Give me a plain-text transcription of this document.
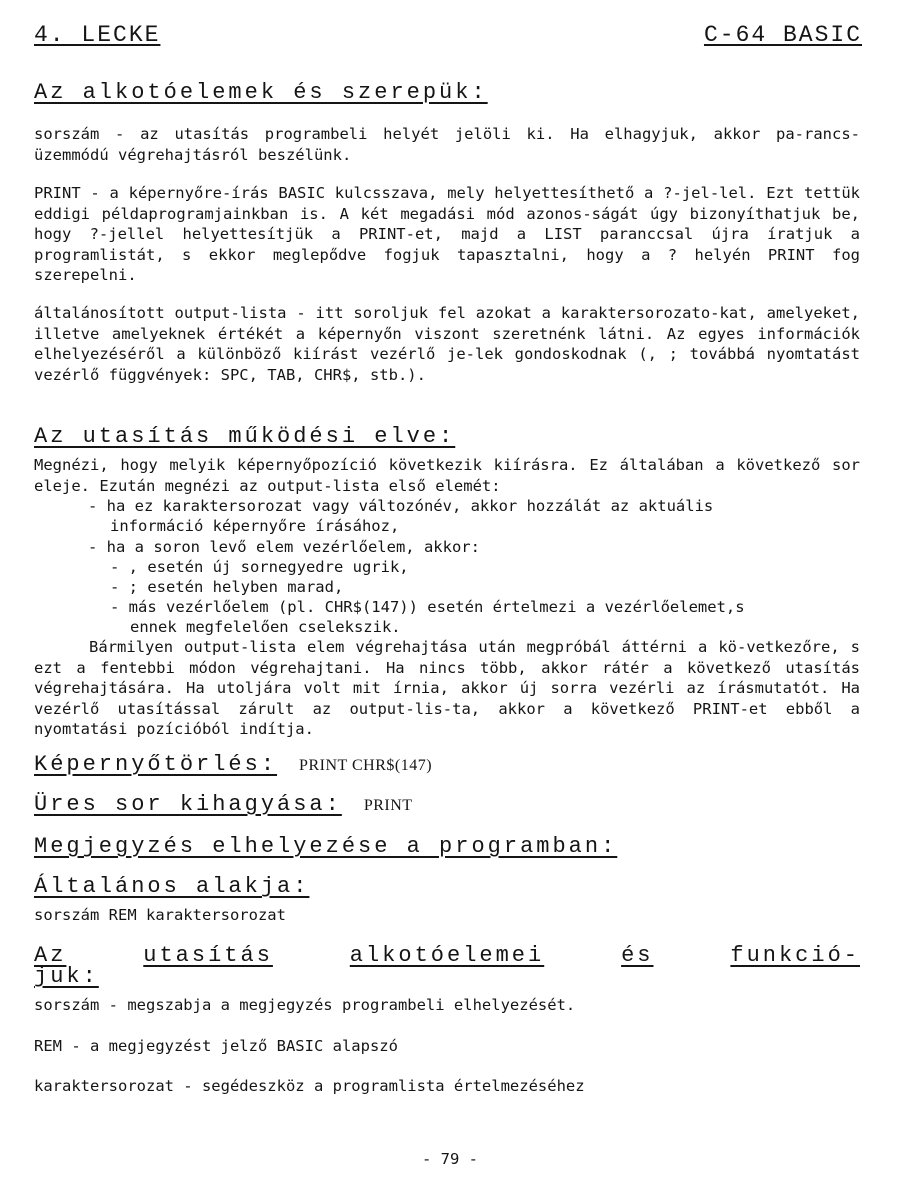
4. LECKE	C-64 BASIC
Az alkotóelemek és szerepük:
sorszám - az utasítás programbeli helyét jelöli ki. Ha elhagyjuk, akkor pa-rancs-üzemmódú végrehajtásról beszélünk.
PRINT - a képernyőre-írás BASIC kulcsszava, mely helyettesíthető a ?-jel-lel. Ezt tettük eddigi példaprogramjainkban is. A két megadási mód azonos-ságát úgy bizonyíthatjuk be, hogy ?-jellel helyettesítjük a PRINT-et, majd a LIST paranccsal újra íratjuk a programlistát, s ekkor meglepődve fogjuk tapasztalni, hogy a ? helyén PRINT fog szerepelni.
általánosított output-lista - itt soroljuk fel azokat a karaktersorozato-kat, amelyeket, illetve amelyeknek értékét a képernyőn viszont szeretnénk látni. Az egyes információk elhelyezéséről a különböző kiírást vezérlő je-lek gondoskodnak (, ; továbbá nyomtatást vezérlő függvények: SPC, TAB, CHR$, stb.).
Az utasítás működési elve:
Megnézi, hogy melyik képernyőpozíció következik kiírásra. Ez általában a következő sor eleje. Ezután megnézi az output-lista első elemét:
- ha ez karaktersorozat vagy változónév, akkor hozzálát az aktuális
információ képernyőre írásához,
- ha a soron levő elem vezérlőelem, akkor:
- , esetén új sornegyedre ugrik,
- ; esetén helyben marad,
- más vezérlőelem (pl. CHR$(147)) esetén értelmezi a vezérlőelemet,s
ennek megfelelően cselekszik.
Bármilyen output-lista elem végrehajtása után megpróbál áttérni a kö-vetkezőre, s ezt a fentebbi módon végrehajtani. Ha nincs több, akkor rátér a következő utasítás végrehajtására. Ha utoljára volt mit írnia, akkor új sorra vezérli az írásmutatót. Ha vezérlő utasítással zárult az output-lis-ta, akkor a következő PRINT-et ebből a nyomtatási pozícióból indítja.
Képernyőtörlés: PRINT CHR$(147)
Üres sor kihagyása: PRINT
Megjegyzés elhelyezése a programban:
Általános alakja:
sorszám REM karaktersorozat
Az	utasítás	alkotóelemei	és	funkció-
juk:
sorszám - megszabja a megjegyzés programbeli elhelyezését.
REM - a megjegyzést jelző BASIC alapszó
karaktersorozat - segédeszköz a programlista értelmezéséhez
- 79 -
